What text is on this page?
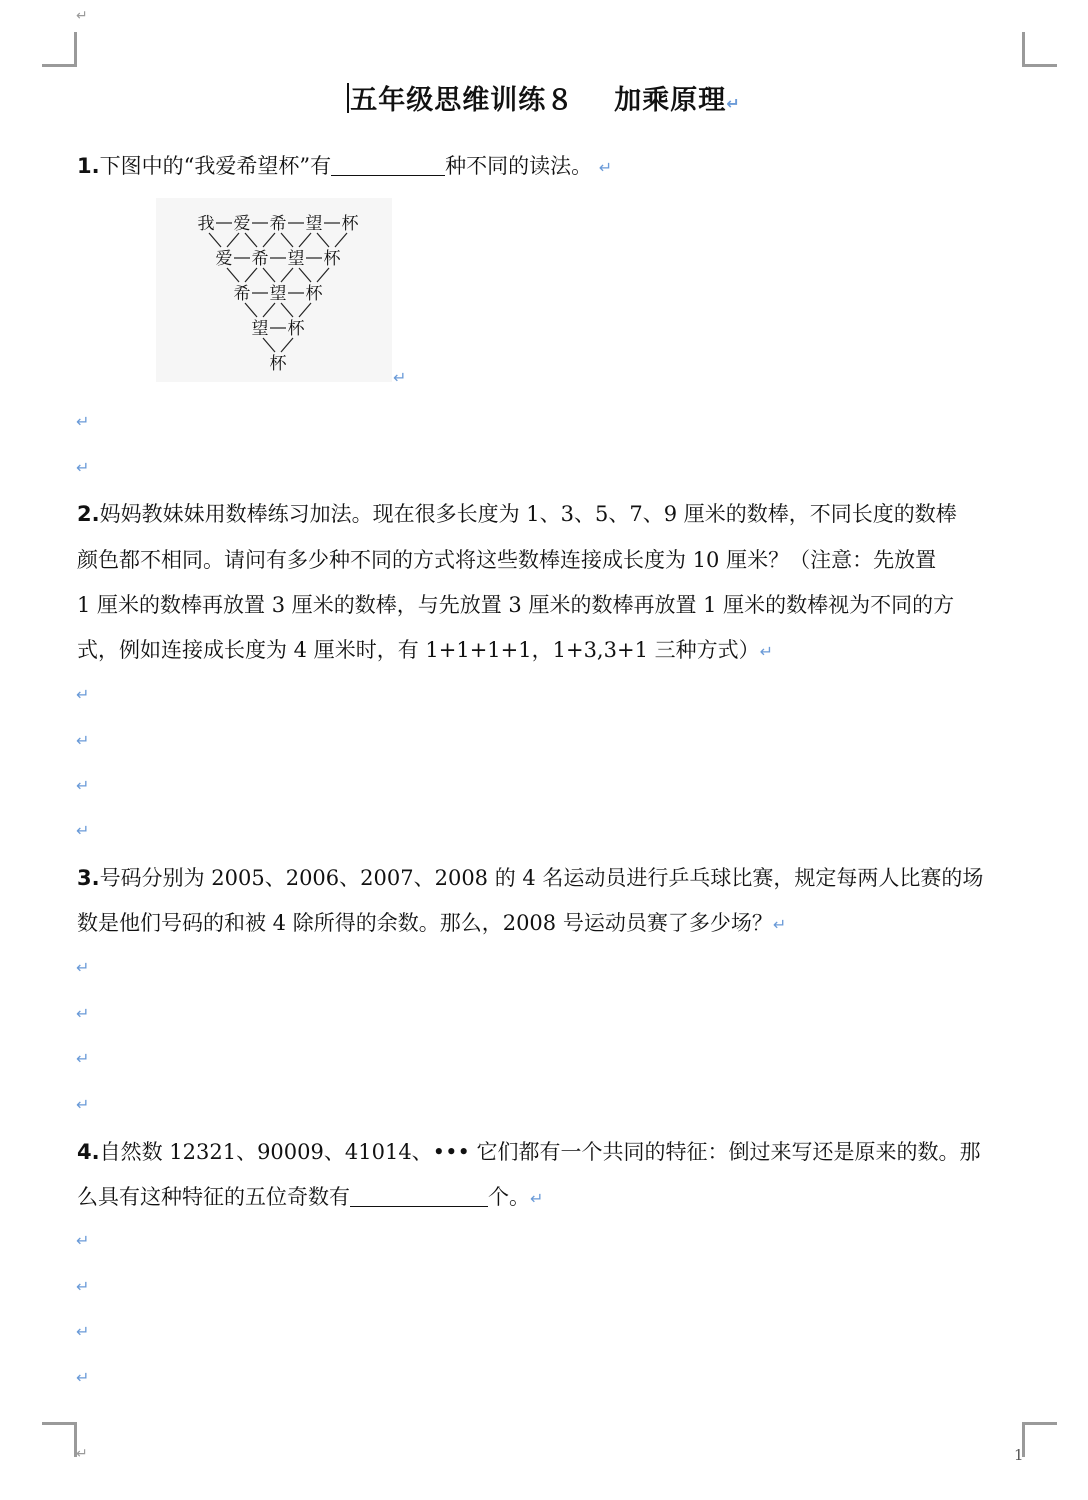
↵
↵
五年级思维训练８ 加乘原理↵
1.下图中的“我爱希望杯”有	种不同的读法。 ↵
我 爱 希 望 杯
爱 希 望 杯
希 望 杯
望 杯
杯
↵
↵
↵
2.妈妈教妹妹用数棒练习加法。现在很多长度为 1、3、5、7、9 厘米的数棒，不同长度的数棒
颜色都不相同。请问有多少种不同的方式将这些数棒连接成长度为 10 厘米？（注意：先放置
1 厘米的数棒再放置 3 厘米的数棒，与先放置 3 厘米的数棒再放置 1 厘米的数棒视为不同的方
式，例如连接成长度为 4 厘米时，有 1+1+1+1，1+3,3+1 三种方式）↵
↵
↵
↵
↵
3.号码分别为 2005、2006、2007、2008 的 4 名运动员进行乒乓球比赛，规定每两人比赛的场
数是他们号码的和被 4 除所得的余数。那么，2008 号运动员赛了多少场？↵
↵
↵
↵
↵
4.自然数 12321、90009、41014、••• 它们都有一个共同的特征：倒过来写还是原来的数。那
么具有这种特征的五位奇数有	个。↵
↵
↵
↵
↵
1
